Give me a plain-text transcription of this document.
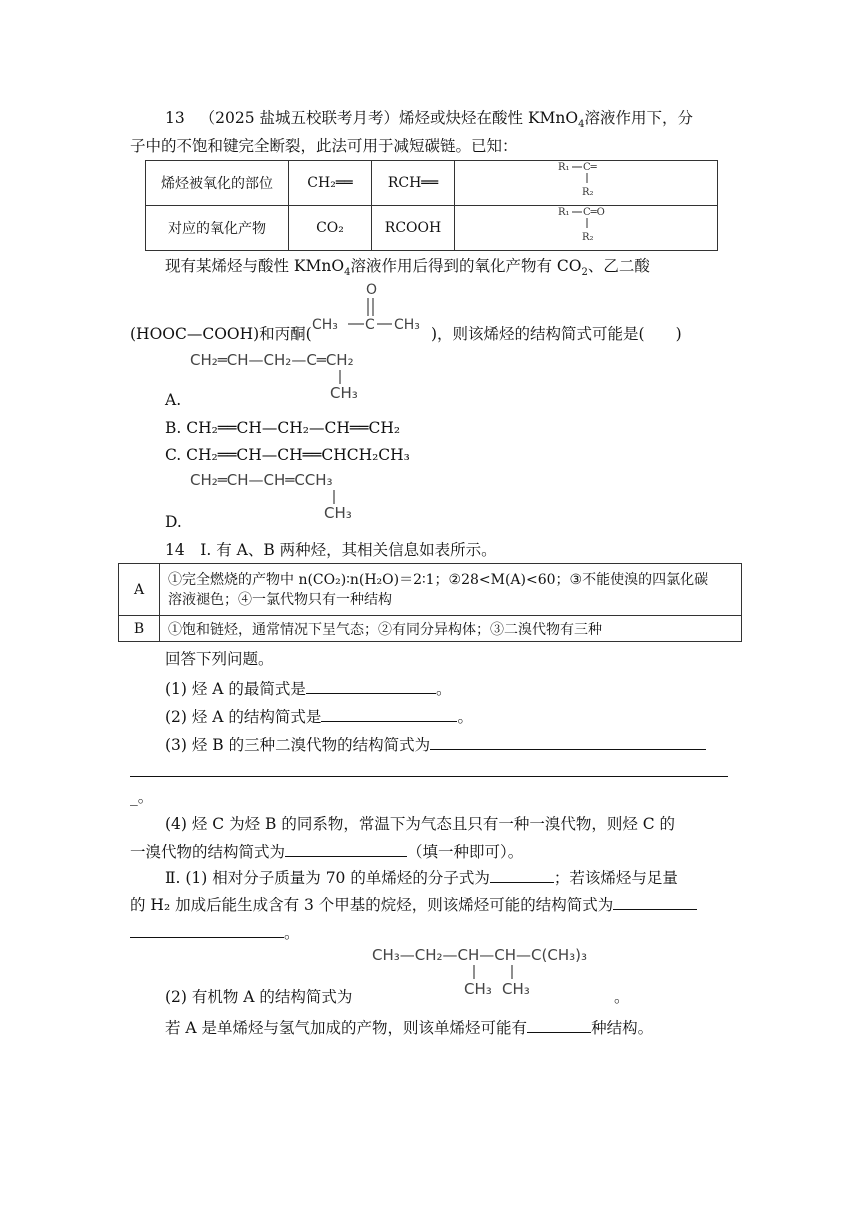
13 （2025 盐城五校联考月考）烯烃或炔烃在酸性 KMnO$_4$溶液作用下，分
子中的不饱和键完全断裂，此法可用于减短碳链。已知：
烯烃被氧化的部位	CH₂══	RCH══	R₁ C═
R₂

对应的氧化产物	CO₂	RCOOH	R₁ C═O
R₂
现有某烯烃与酸性 KMnO$_4$溶液作用后得到的氧化产物有 $CO_2$、乙二酸
(HOOC—COOH)和丙酮(
O
CH₃ C CH₃ )，则该烯烃的结构简式可能是(　　)
CH₂═CH—CH₂—C═CH₂
CH₃
A.
B. CH₂══CH—CH₂—CH══CH₂
C. CH₂══CH—CH══CHCH₂CH₃
CH₂═CH—CH═CCH₃
CH₃
D.
14　Ⅰ. 有 A、B 两种烃，其相关信息如表所示。
A	①完全燃烧的产物中 n(CO₂)∶n(H₂O)＝2∶1；②28<M(A)<60；③不能使溴的四氯化碳
溶液褪色；④一氯代物只有一种结构

B	①饱和链烃，通常情况下呈气态；②有同分异构体；③二溴代物有三种
回答下列问题。
(1) 烃 A 的最简式是	。
(2) 烃 A 的结构简式是	。
(3) 烃 B 的三种二溴代物的结构简式为
_。
(4) 烃 C 为烃 B 的同系物，常温下为气态且只有一种一溴代物，则烃 C 的
一溴代物的结构简式为	（填一种即可）。
Ⅱ. (1) 相对分子质量为 70 的单烯烃的分子式为	；若该烯烃与足量
的 H₂ 加成后能生成含有 3 个甲基的烷烃，则该烯烃可能的结构简式为
。
CH₃—CH₂—CH—CH—C(CH₃)₃
CH₃ CH₃
(2) 有机物 A 的结构简式为	。
若 A 是单烯烃与氢气加成的产物，则该单烯烃可能有	种结构。
